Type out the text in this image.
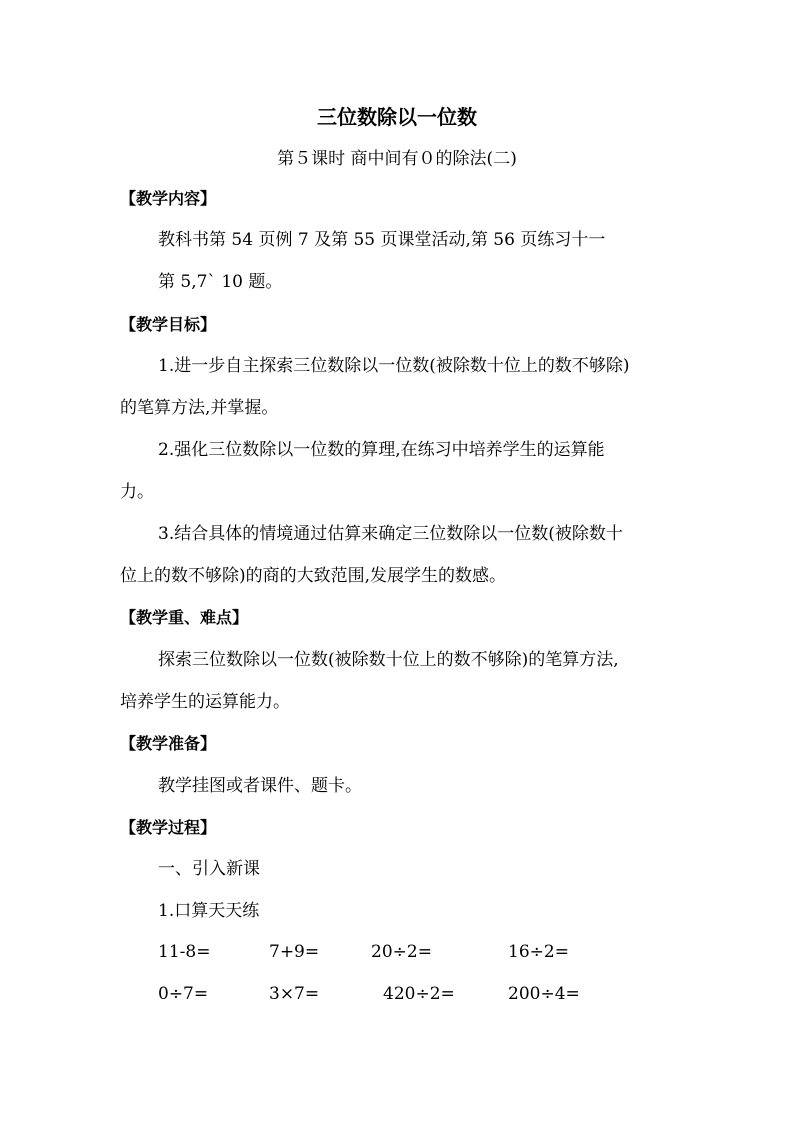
三位数除以一位数
第５课时 商中间有０的除法(二)
【教学内容】
教科书第 54 页例 7 及第 55 页课堂活动,第 56 页练习十一
第 5,7` 10 题。
【教学目标】
1.进一步自主探索三位数除以一位数(被除数十位上的数不够除)
的笔算方法,并掌握。
2.强化三位数除以一位数的算理,在练习中培养学生的运算能
力。
3.结合具体的情境通过估算来确定三位数除以一位数(被除数十
位上的数不够除)的商的大致范围,发展学生的数感。
【教学重、难点】
探索三位数除以一位数(被除数十位上的数不够除)的笔算方法,
培养学生的运算能力。
【教学准备】
教学挂图或者课件、题卡。
【教学过程】
一、引入新课
1.口算天天练
11-8=	7+9=	20÷2=	16÷2=
0÷7=	3×7=	420÷2=	200÷4=
